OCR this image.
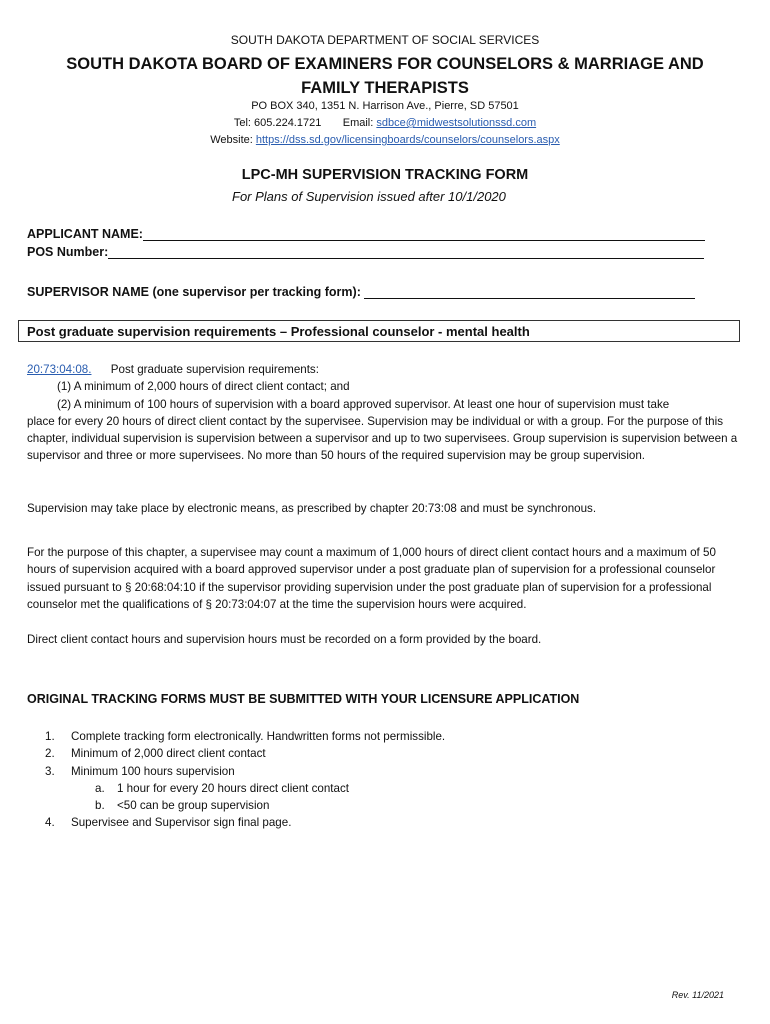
SOUTH DAKOTA DEPARTMENT OF SOCIAL SERVICES
SOUTH DAKOTA BOARD OF EXAMINERS FOR COUNSELORS & MARRIAGE AND
FAMILY THERAPISTS
PO BOX 340, 1351 N. Harrison Ave., Pierre, SD 57501
Tel: 605.224.1721 Email: sdbce@midwestsolutionssd.com
Website: https://dss.sd.gov/licensingboards/counselors/counselors.aspx
LPC-MH SUPERVISION TRACKING FORM
For Plans of Supervision issued after 10/1/2020
APPLICANT NAME:
POS Number:
SUPERVISOR NAME (one supervisor per tracking form):
Post graduate supervision requirements – Professional counselor - mental health

20:73:04:08. Post graduate supervision requirements:

(1) A minimum of 2,000 hours of direct client contact; and

(2) A minimum of 100 hours of supervision with a board approved supervisor. At least one hour of supervision must take

place for every 20 hours of direct client contact by the supervisee. Supervision may be individual or with a group. For the purpose of this chapter, individual supervision is supervision between a supervisor and up to two supervisees. Group supervision is supervision between a supervisor and three or more supervisees. No more than 50 hours of the required supervision may be group supervision.

Supervision may take place by electronic means, as prescribed by chapter 20:73:08 and must be synchronous.
For the purpose of this chapter, a supervisee may count a maximum of 1,000 hours of direct client contact hours and a maximum of 50 hours of supervision acquired with a board approved supervisor under a post graduate plan of supervision for a professional counselor issued pursuant to § 20:68:04:10 if the supervisor providing supervision under the post graduate plan of supervision for a professional counselor met the qualifications of § 20:73:04:07 at the time the supervision hours were acquired.
Direct client contact hours and supervision hours must be recorded on a form provided by the board.
ORIGINAL TRACKING FORMS MUST BE SUBMITTED WITH YOUR LICENSURE APPLICATION
1.	Complete tracking form electronically. Handwritten forms not permissible.
2.	Minimum of 2,000 direct client contact
3.	Minimum 100 hours supervision
a.	1 hour for every 20 hours direct client contact
b.	<50 can be group supervision
4.	Supervisee and Supervisor sign final page.
Rev. 11/2021
